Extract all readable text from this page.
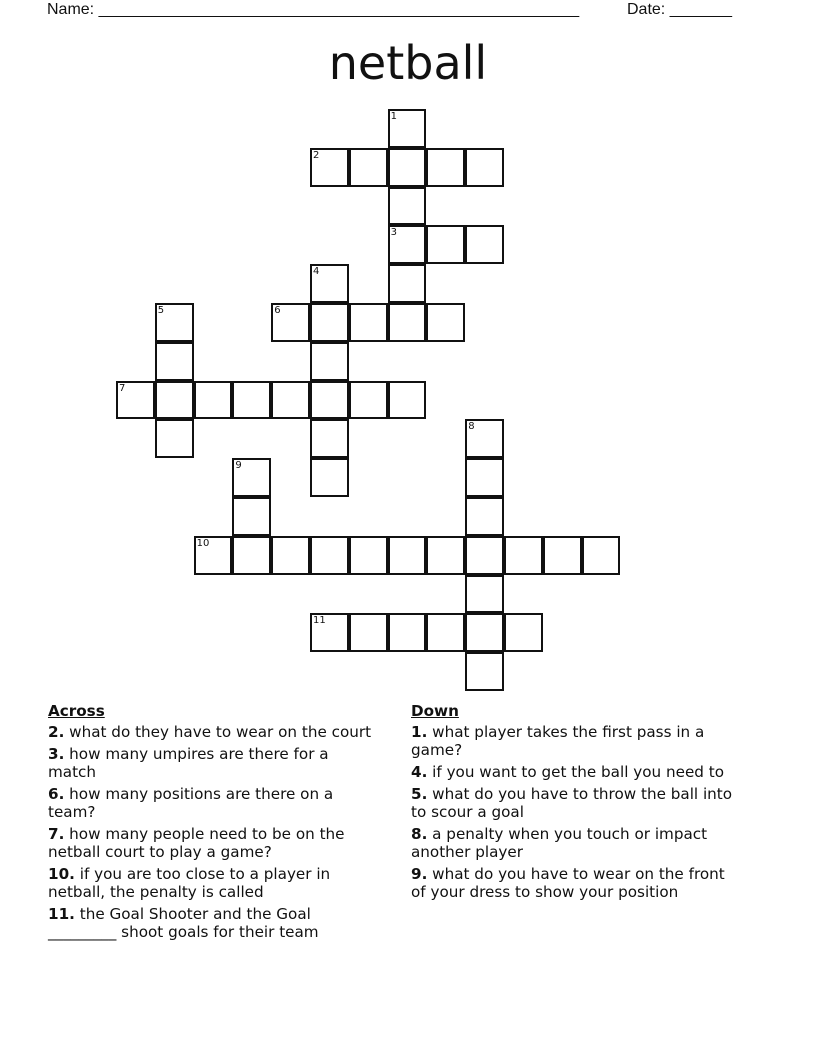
Name: ______________________________________________________	Date: _______
netball
1
3
2
4
5	6
7
8
9
10
11
Across
2. what do they have to wear on the court
3. how many umpires are there for a match
6. how many positions are there on a team?
7. how many people need to be on the netball court to play a game?
10. if you are too close to a player in netball, the penalty is called
11. the Goal Shooter and the Goal _________ shoot goals for their team
Down
1. what player takes the first pass in a game?
4. if you want to get the ball you need to
5. what do you have to throw the ball into to scour a goal
8. a penalty when you touch or impact another player
9. what do you have to wear on the front of your dress to show your position
